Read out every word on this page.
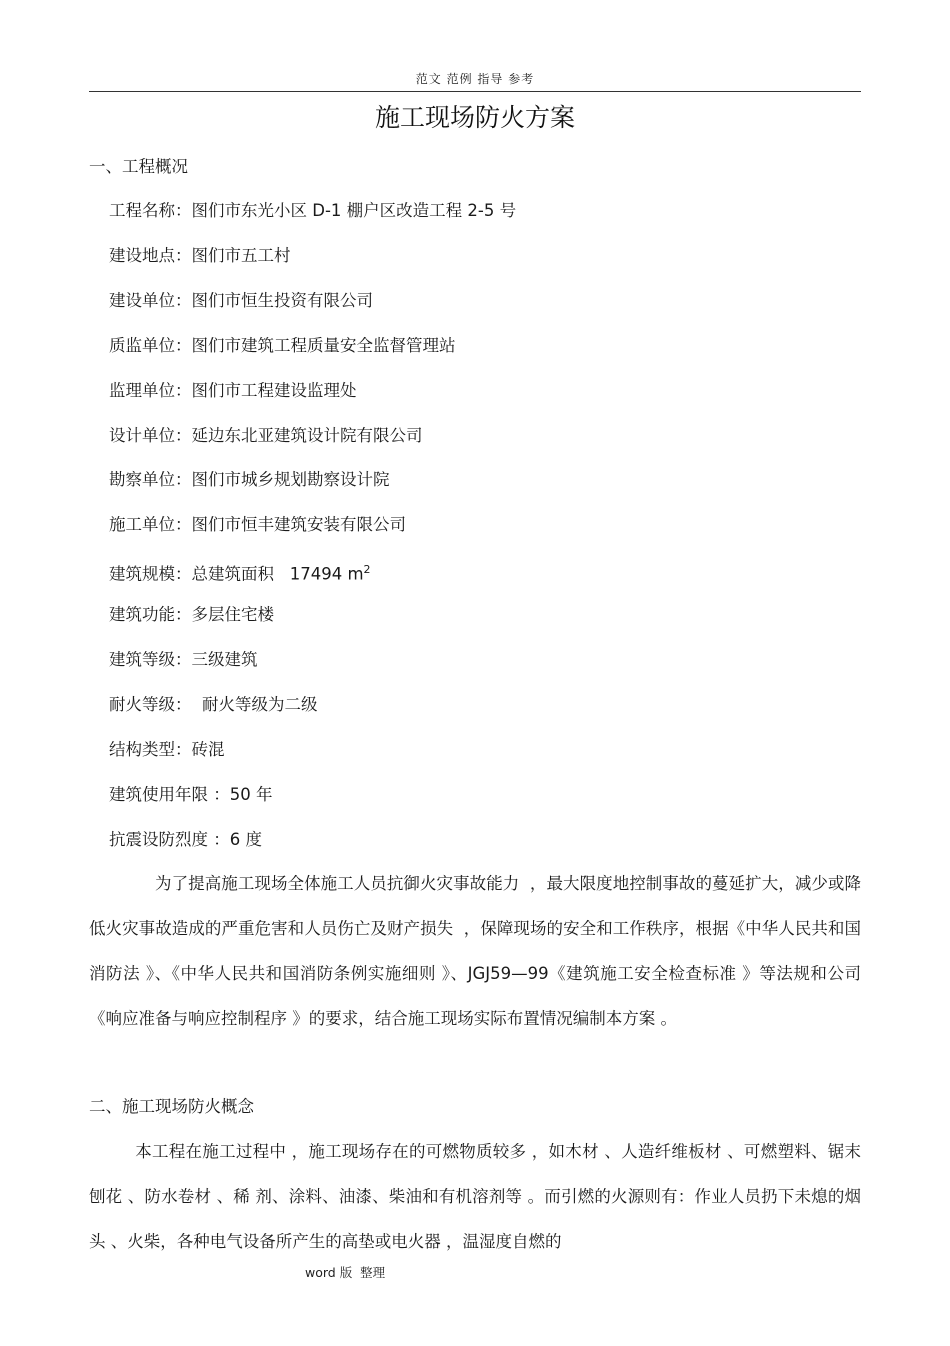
范文 范例 指导 参考
施工现场防火方案
一、工程概况
工程名称：图们市东光小区 D-1 棚户区改造工程 2-5 号
建设地点：图们市五工村
建设单位：图们市恒生投资有限公司
质监单位：图们市建筑工程质量安全监督管理站
监理单位：图们市工程建设监理处
设计单位：延边东北亚建筑设计院有限公司
勘察单位：图们市城乡规划勘察设计院
施工单位：图们市恒丰建筑安装有限公司
建筑规模：总建筑面积   17494 $m^2$
建筑功能：多层住宅楼
建筑等级：三级建筑
耐火等级：  耐火等级为二级
结构类型：砖混
建筑使用年限 ：50 年
抗震设防烈度 ：6 度
为了提高施工现场全体施工人员抗御火灾事故能力  ，最大限度地控制事故的蔓延扩大，减少或降低火灾事故造成的严重危害和人员伤亡及财产损失  ，保障现场的安全和工作秩序，根据《中华人民共和国消防法 》、《中华人民共和国消防条例实施细则 》、JGJ59—99《建筑施工安全检查标准 》等法规和公司 《响应准备与响应控制程序 》的要求，结合施工现场实际布置情况编制本方案 。
二、施工现场防火概念
本工程在施工过程中 ，施工现场存在的可燃物质较多 ，如木材 、人造纤维板材 、可燃塑料、锯末刨花 、防水卷材 、稀 剂、涂料、油漆、柴油和有机溶剂等 。而引燃的火源则有：作业人员扔下未熄的烟头 、火柴，各种电气设备所产生的高垫或电火器 ，温湿度自燃的
word 版  整理
